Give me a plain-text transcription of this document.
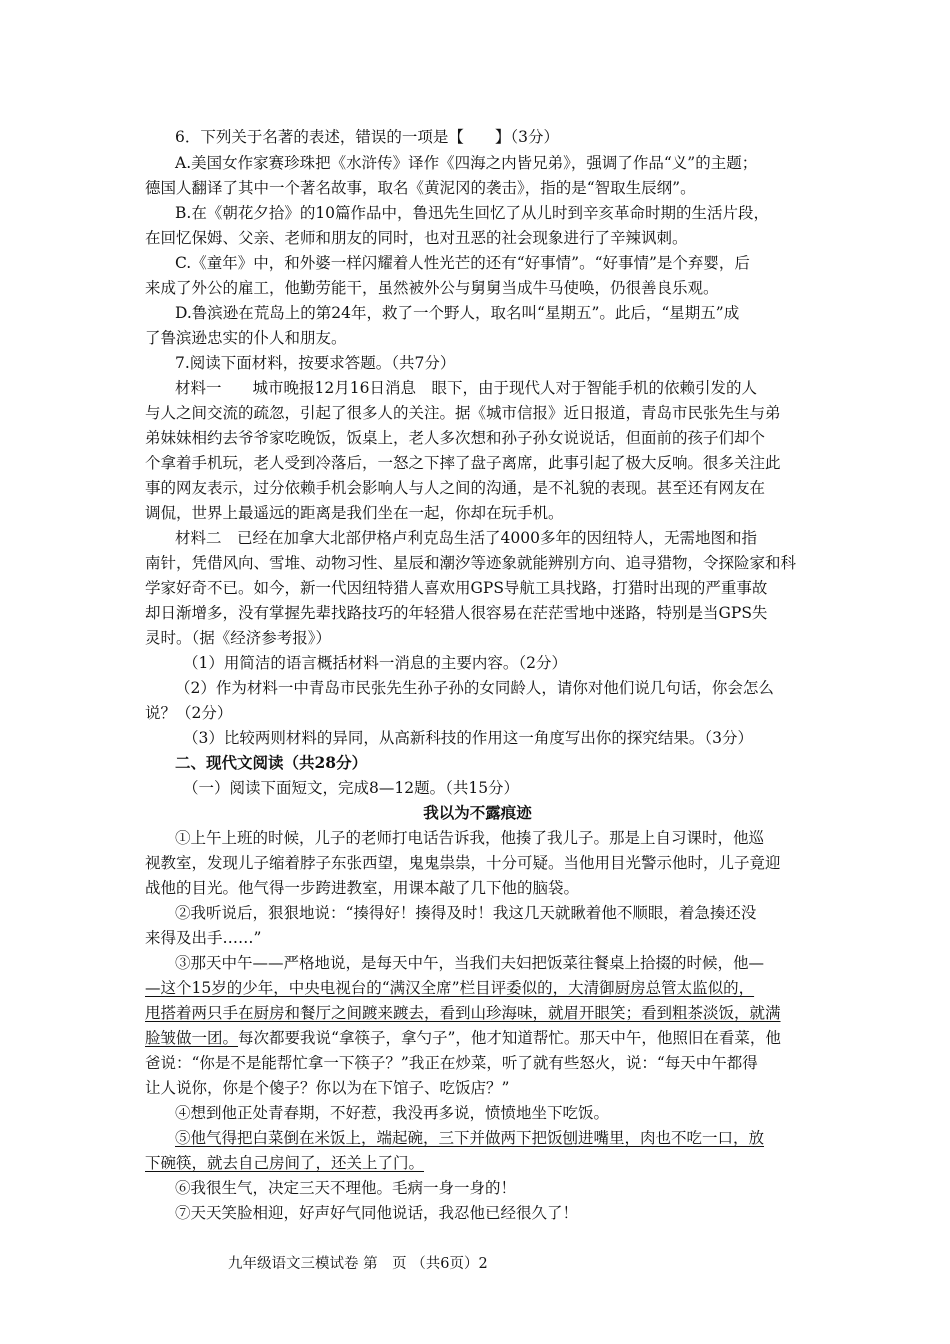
6．下列关于名著的表述，错误的一项是【　　】（3分）
A.美国女作家赛珍珠把《水浒传》译作《四海之内皆兄弟》，强调了作品“义”的主题；
德国人翻译了其中一个著名故事，取名《黄泥冈的袭击》，指的是“智取生辰纲”。
B.在《朝花夕拾》的10篇作品中，鲁迅先生回忆了从儿时到辛亥革命时期的生活片段，
在回忆保姆、父亲、老师和朋友的同时，也对丑恶的社会现象进行了辛辣讽刺。
C.《童年》中，和外婆一样闪耀着人性光芒的还有“好事情”。“好事情”是个弃婴，后
来成了外公的雇工，他勤劳能干，虽然被外公与舅舅当成牛马使唤，仍很善良乐观。
D.鲁滨逊在荒岛上的第24年，救了一个野人，取名叫“星期五”。此后，“星期五”成
了鲁滨逊忠实的仆人和朋友。
7.阅读下面材料，按要求答题。（共7分）
材料一　　城市晚报12月16日消息　眼下，由于现代人对于智能手机的依赖引发的人
与人之间交流的疏忽，引起了很多人的关注。据《城市信报》近日报道，青岛市民张先生与弟
弟妹妹相约去爷爷家吃晚饭，饭桌上，老人多次想和孙子孙女说说话，但面前的孩子们却个
个拿着手机玩，老人受到冷落后，一怒之下摔了盘子离席，此事引起了极大反响。很多关注此
事的网友表示，过分依赖手机会影响人与人之间的沟通，是不礼貌的表现。甚至还有网友在
调侃，世界上最遥远的距离是我们坐在一起，你却在玩手机。
材料二　已经在加拿大北部伊格卢利克岛生活了4000多年的因纽特人，无需地图和指
南针，凭借风向、雪堆、动物习性、星辰和潮汐等迹象就能辨别方向、追寻猎物，令探险家和科
学家好奇不已。如今，新一代因纽特猎人喜欢用GPS导航工具找路，打猎时出现的严重事故
却日渐增多，没有掌握先辈找路技巧的年轻猎人很容易在茫茫雪地中迷路，特别是当GPS失
灵时。（据《经济参考报》）
（1）用简洁的语言概括材料一消息的主要内容。（2分）
（2）作为材料一中青岛市民张先生孙子孙的女同龄人，请你对他们说几句话，你会怎么
说？（2分）
（3）比较两则材料的异同，从高新科技的作用这一角度写出你的探究结果。（3分）
二、现代文阅读（共28分）
（一）阅读下面短文，完成8—12题。（共15分）
我以为不露痕迹
①上午上班的时候，儿子的老师打电话告诉我，他揍了我儿子。那是上自习课时，他巡
视教室，发现儿子缩着脖子东张西望，鬼鬼祟祟，十分可疑。当他用目光警示他时，儿子竟迎
战他的目光。他气得一步跨进教室，用课本敲了几下他的脑袋。
②我听说后，狠狠地说：“揍得好！揍得及时！我这几天就瞅着他不顺眼，着急揍还没
来得及出手……”
③那天中午——严格地说，是每天中午，当我们夫妇把饭菜往餐桌上拾掇的时候，他—
—这个15岁的少年，中央电视台的“满汉全席”栏目评委似的，大清御厨房总管太监似的，
甩搭着两只手在厨房和餐厅之间踱来踱去，看到山珍海味，就眉开眼笑；看到粗茶淡饭，就满
脸皱做一团。每次都要我说“拿筷子，拿勺子”，他才知道帮忙。那天中午，他照旧在看菜，他
爸说：“你是不是能帮忙拿一下筷子？”我正在炒菜，听了就有些怒火，说：“每天中午都得
让人说你，你是个傻子？你以为在下馆子、吃饭店？”
④想到他正处青春期，不好惹，我没再多说，愤愤地坐下吃饭。
⑤他气得把白菜倒在米饭上，端起碗，三下并做两下把饭刨进嘴里，肉也不吃一口，放
下碗筷，就去自己房间了，还关上了门。
⑥我很生气，决定三天不理他。毛病一身一身的！
⑦天天笑脸相迎，好声好气同他说话，我忍他已经很久了！
九年级语文三模试卷 第　页 （共6页）2
